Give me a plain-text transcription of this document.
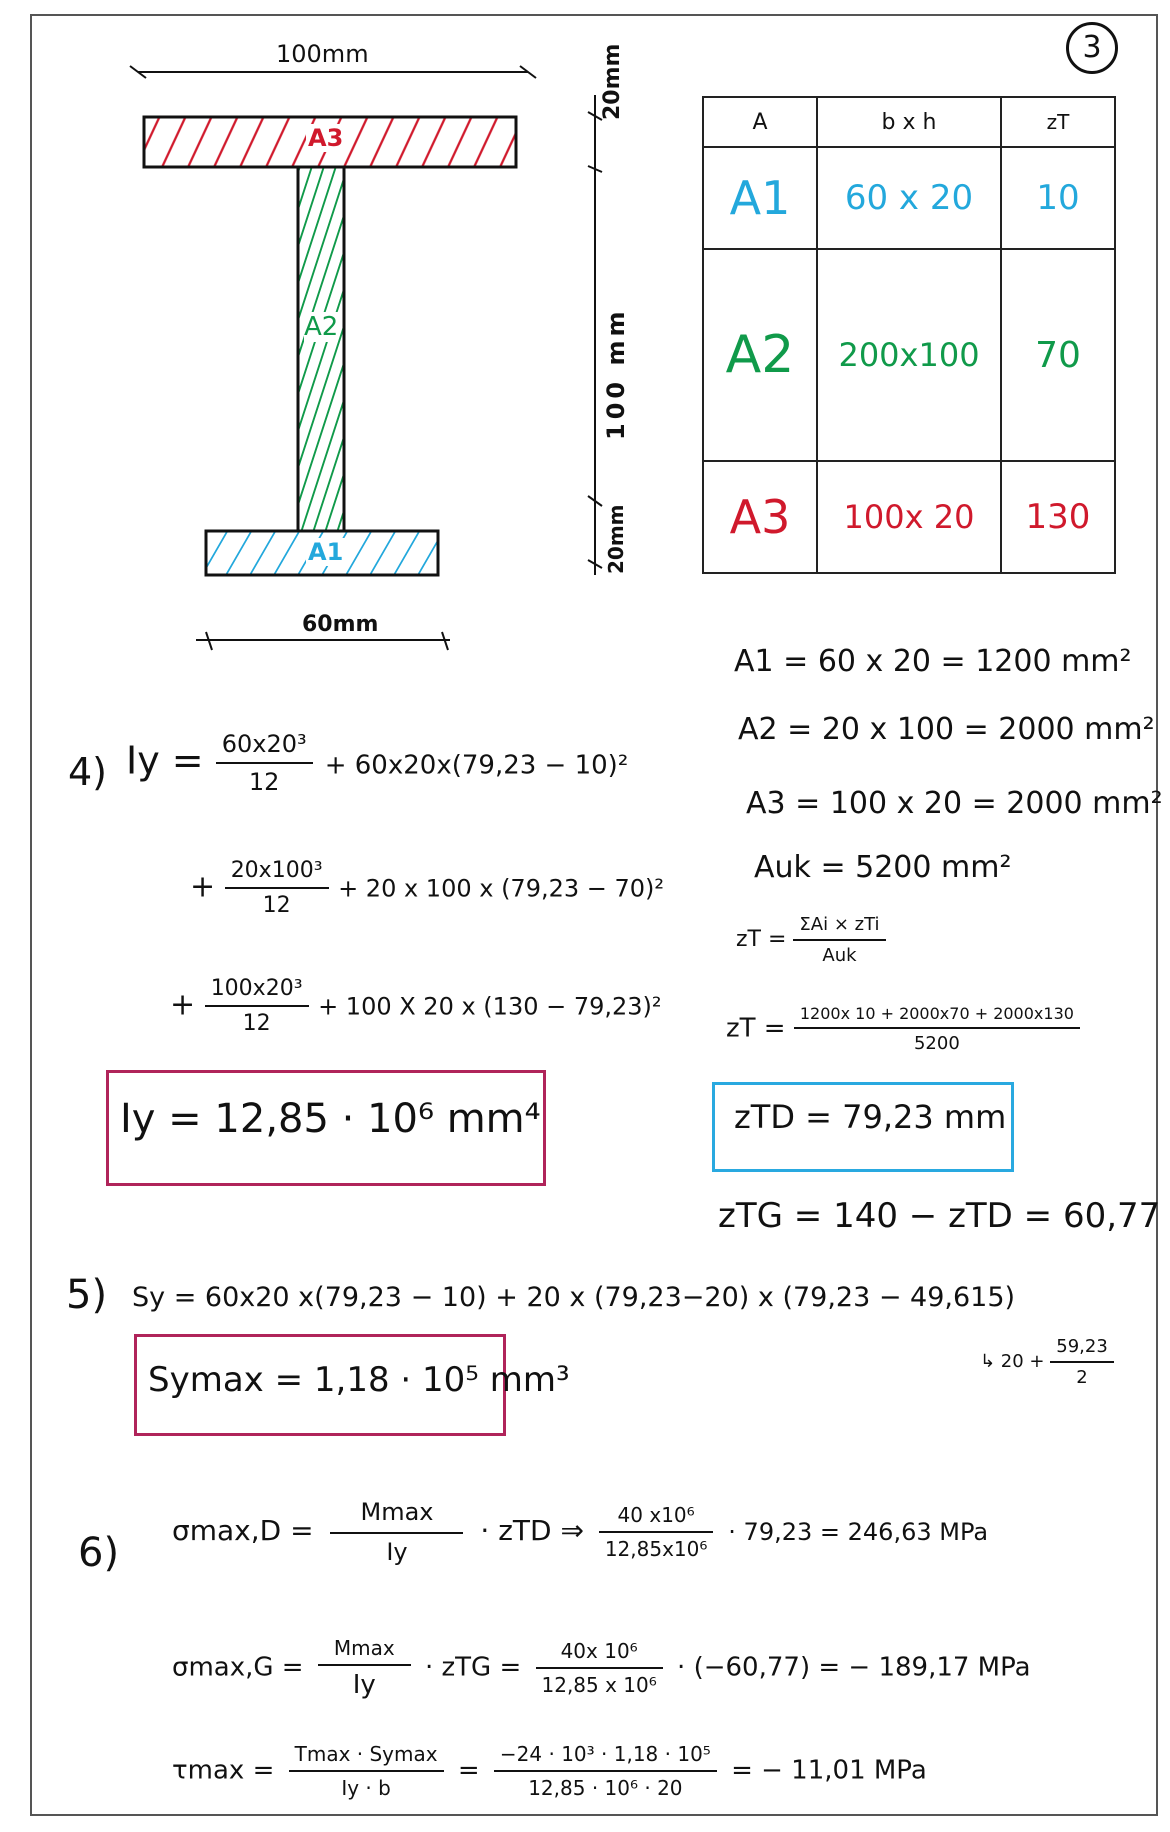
3
100mm
60mm
20mm
100 mm
20mm
A3
A2
A1
A	b x h	zT
A1	60 x 20	10
A2	200x100	70
A3	100x 20	130
A1 = 60 x 20 = 1200 mm²
A2 = 20 x 100 = 2000 mm²
A3 = 100 x 20 = 2000 mm²
Auk = 5200 mm²
zT = $\frac{\text{ΣAi × zTi}}{\text{Auk}}$
zT = $\frac{1200x 10 + 2000x70 + 2000x130}{5200}$
zTD = 79,23 mm
zTG = 140 − zTD = 60,77
4) $Iy = \frac{\text{60x20³}}{12} + 60x20x(79,23 - 10)^2$
+ $\frac{\text{20x100³}}{12} + 20$ x 100 x (79,23 − 70)²
+ $\frac{\text{100x20³}}{12} + 100$ X 20 x (130 − 79,23)²
Iy = 12,85 · 10⁶ mm⁴
5) Sy = 60x20 x(79,23 − 10) + 20 x (79,23−20) x (79,23 − 49,615)
↳ $20 + \frac{59,23}{2}$
Symax = 1,18 · 10⁵ mm³
6) $\sigma\max,D = \frac{Mmax}{Iy}$ · zTD ⇒ $\frac{\text{40 x10⁶}}{\text{12,85x10⁶}} \cdot 79,23 = 246,63$ MPa
$\sigma\max,G = \frac{Mmax}{Iy}$ · zTG = $\frac{\text{40x 10⁶}}{\text{12,85 x 10⁶}} \cdot (-60,77)$ = − 189,17 MPa
$\tau\max = \frac{Tmax \cdot Symax}{Iy \cdot b} = \frac{\text{−24 · 10³ · 1,18 · 10⁵}}{\text{12,85 · 10⁶ · 20}}$ = − 11,01 MPa
